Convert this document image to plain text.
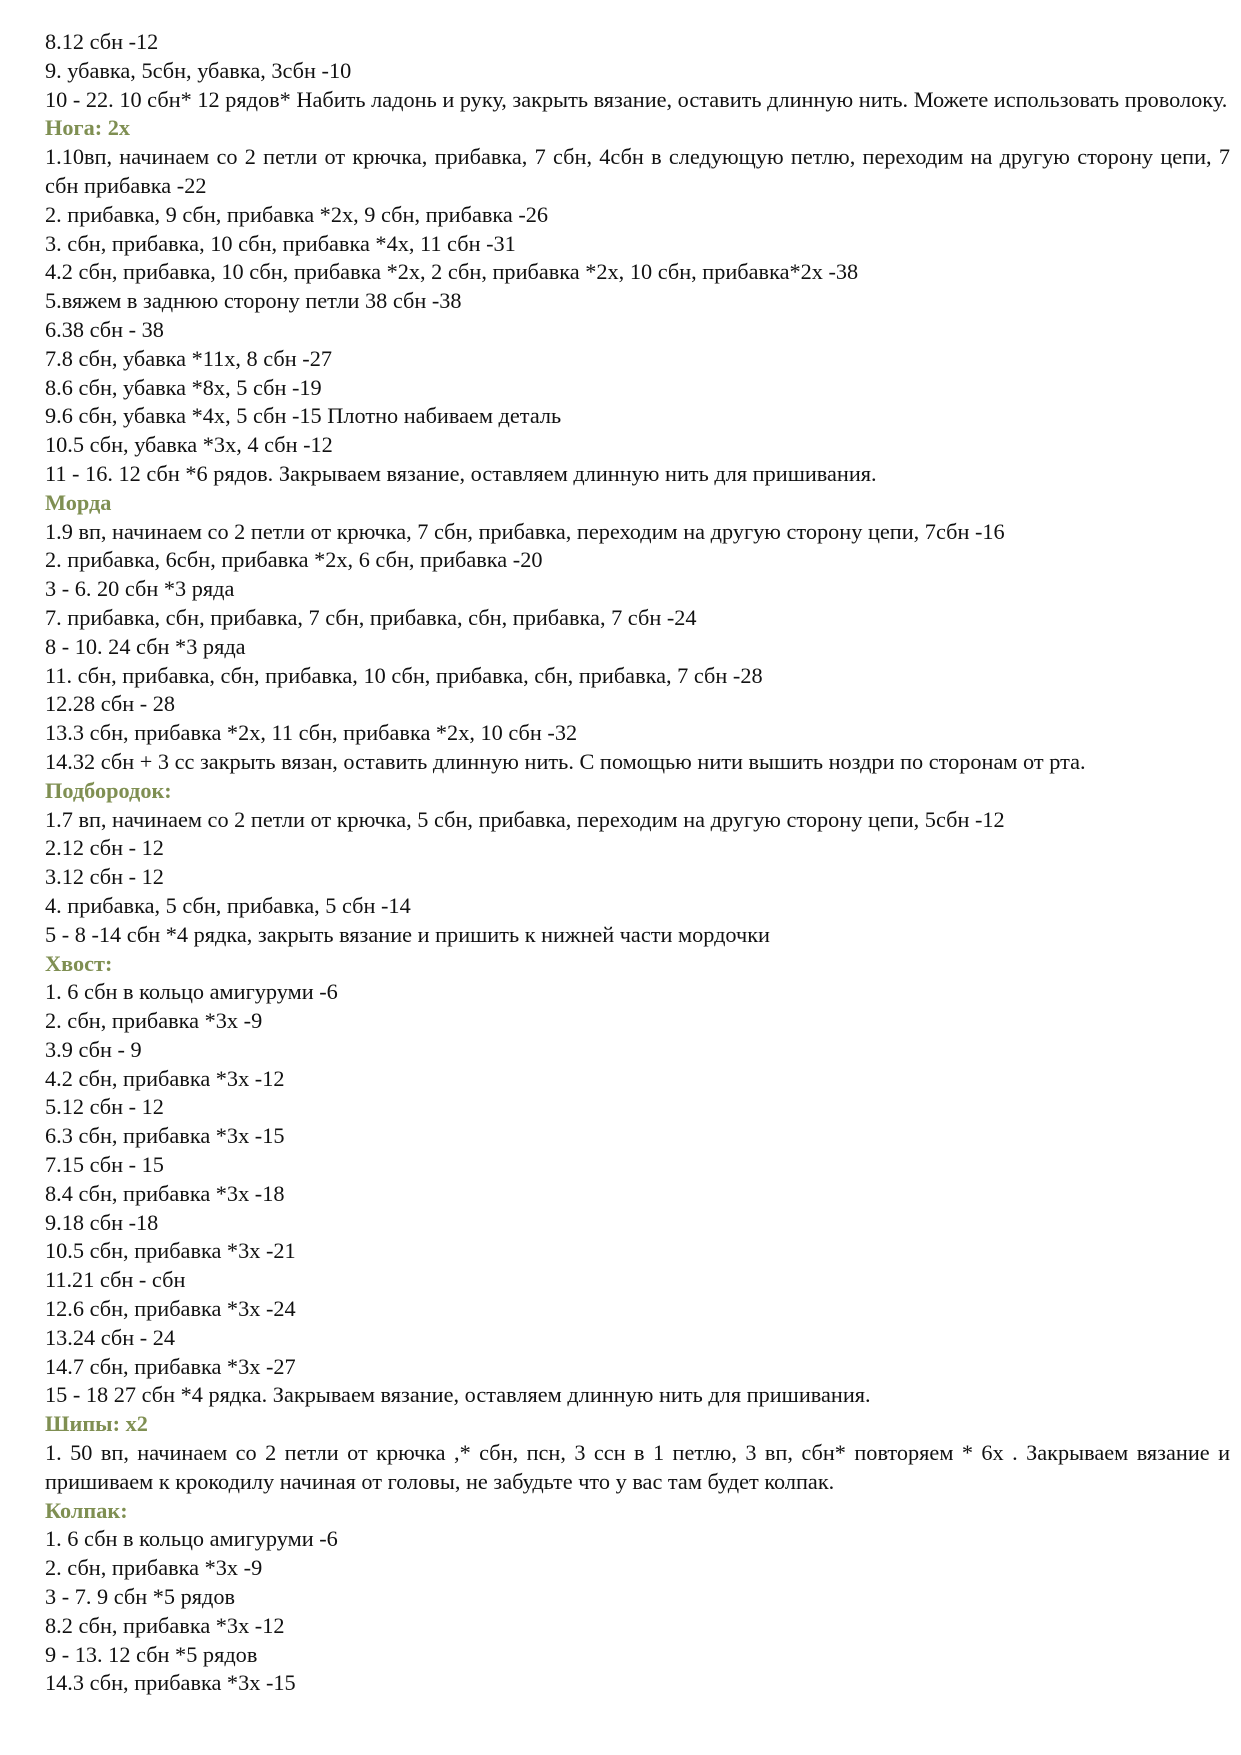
8.12 сбн -12
9. убавка, 5сбн, убавка, 3сбн -10
10 - 22. 10 сбн* 12 рядов* Набить ладонь и руку, закрыть вязание, оставить длинную нить. Можете использовать проволоку.
Нога: 2х
1.10вп, начинаем со 2 петли от крючка, прибавка, 7 сбн, 4сбн в следующую петлю, переходим на другую сторону цепи, 7 сбн прибавка -22
2. прибавка, 9 сбн, прибавка *2х, 9 сбн, прибавка -26
3. сбн, прибавка, 10 сбн, прибавка *4х, 11 сбн -31
4.2 сбн, прибавка, 10 сбн, прибавка *2х, 2 сбн, прибавка *2х, 10 сбн, прибавка*2х -38
5.вяжем в заднюю сторону петли 38 сбн -38
6.38 сбн - 38
7.8 сбн, убавка *11х, 8 сбн -27
8.6 сбн, убавка *8х, 5 сбн -19
9.6 сбн, убавка *4х, 5 сбн -15 Плотно набиваем деталь
10.5 сбн, убавка *3х, 4 сбн -12
11 - 16. 12 сбн *6 рядов. Закрываем вязание, оставляем длинную нить для пришивания.
Морда
1.9 вп, начинаем со 2 петли от крючка, 7 сбн, прибавка, переходим на другую сторону цепи, 7сбн -16
2. прибавка, 6сбн, прибавка *2х, 6 сбн, прибавка -20
3 - 6. 20 сбн *3 ряда
7. прибавка, сбн, прибавка, 7 сбн, прибавка, сбн, прибавка, 7 сбн -24
8 - 10. 24 сбн *3 ряда
11. сбн, прибавка, сбн, прибавка, 10 сбн, прибавка, сбн, прибавка, 7 сбн -28
12.28 сбн - 28
13.3 сбн, прибавка *2х, 11 сбн, прибавка *2х, 10 сбн -32
14.32 сбн + 3 сс закрыть вязан, оставить длинную нить. С помощью нити вышить ноздри по сторонам от рта.
Подбородок:
1.7 вп, начинаем со 2 петли от крючка, 5 сбн, прибавка, переходим на другую сторону цепи, 5сбн -12
2.12 сбн - 12
3.12 сбн - 12
4. прибавка, 5 сбн, прибавка, 5 сбн -14
5 - 8 -14 сбн *4 рядка, закрыть вязание и пришить к нижней части мордочки
Хвост:
1. 6 сбн в кольцо амигуруми -6
2. сбн, прибавка *3х -9
3.9 сбн - 9
4.2 сбн, прибавка *3х -12
5.12 сбн - 12
6.3 сбн, прибавка *3х -15
7.15 сбн - 15
8.4 сбн, прибавка *3х -18
9.18 сбн -18
10.5 сбн, прибавка *3х -21
11.21 сбн - сбн
12.6 сбн, прибавка *3х -24
13.24 сбн - 24
14.7 сбн, прибавка *3х -27
15 - 18 27 сбн *4 рядка. Закрываем вязание, оставляем длинную нить для пришивания.
Шипы: х2
1. 50 вп, начинаем со 2 петли от крючка ,* сбн, псн, 3 ссн в 1 петлю, 3 вп, сбн* повторяем * 6х . Закрываем вязание и пришиваем к крокодилу начиная от головы, не забудьте что у вас там будет колпак.
Колпак:
1. 6 сбн в кольцо амигуруми -6
2. сбн, прибавка *3х -9
3 - 7. 9 сбн *5 рядов
8.2 сбн, прибавка *3х -12
9 - 13. 12 сбн *5 рядов
14.3 сбн, прибавка *3х -15
